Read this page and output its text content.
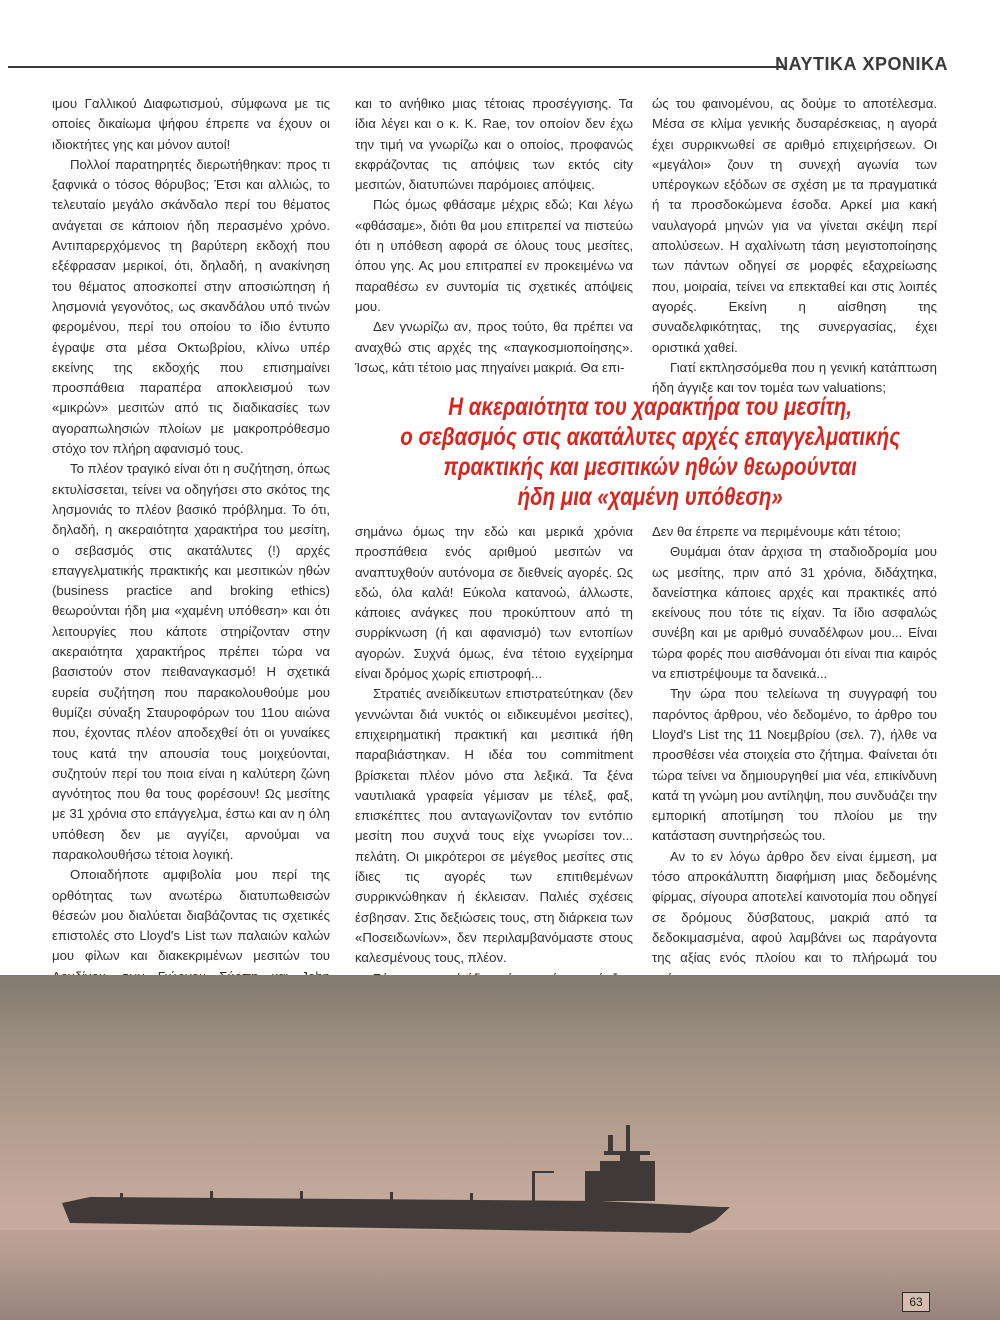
ΝΑΥΤΙΚΑ ΧΡΟΝΙΚΑ

ιμου Γαλλικού Διαφωτισμού, σύμφωνα με τις οποίες δικαίωμα ψήφου έπρεπε να έχουν οι ιδιοκτήτες γης και μόνον αυτοί!

Πολλοί παρατηρητές διερωτήθηκαν: προς τι ξαφνικά ο τόσος θόρυβος; Έτσι και αλλιώς, το τελευταίο μεγάλο σκάνδαλο περί του θέματος ανάγεται σε κάποιον ήδη περασμένο χρόνο. Αντιπαρερχόμενος τη βαρύτερη εκδοχή που εξέφρασαν μερικοί, ότι, δηλαδή, η ανακίνηση του θέματος αποσκοπεί στην αποσιώπηση ή λησμονιά γεγονότος, ως σκανδάλου υπό τινών φερομένου, περί του οποίου το ίδιο έντυπο έγραψε στα μέσα Οκτωβρίου, κλίνω υπέρ εκείνης της εκδοχής που επισημαίνει προσπάθεια παραπέρα αποκλεισμού των «μικρών» μεσιτών από τις διαδικασίες των αγοραπωλησιών πλοίων με μακροπρόθεσμο στόχο τον πλήρη αφανισμό τους.

Το πλέον τραγικό είναι ότι η συζήτηση, όπως εκτυλίσσεται, τείνει να οδηγήσει στο σκότος της λησμονιάς το πλέον βασικό πρόβλημα. Το ότι, δηλαδή, η ακεραιότητα χαρακτήρα του μεσίτη, ο σεβασμός στις ακατάλυτες (!) αρχές επαγγελματικής πρακτικής και μεσιτικών ηθών (business practice and broking ethics) θεωρούνται ήδη μια «χαμένη υπόθεση» και ότι λειτουργίες που κάποτε στηρίζονταν στην ακεραιότητα χαρακτήρος πρέπει τώρα να βασιστούν στον πειθαναγκασμό! Η σχετικά ευρεία συζήτηση που παρακολουθούμε μου θυμίζει σύναξη Σταυροφόρων του 11ου αιώνα που, έχοντας πλέον αποδεχθεί ότι οι γυναίκες τους κατά την απουσία τους μοιχεύονται, συζητούν περί του ποια είναι η καλύτερη ζώνη αγνότητος που θα τους φορέσουν! Ως μεσίτης με 31 χρόνια στο επάγγελμα, έστω και αν η όλη υπόθεση δεν με αγγίζει, αρνούμαι να παρακολουθήσω τέτοια λογική.

Οποιαδήποτε αμφιβολία μου περί της ορθότητας των ανωτέρω διατυπωθεισών θέσεών μου διαλύεται διαβάζοντας τις σχετικές επιστολές στο Lloyd's List των παλαιών καλών μου φίλων και διακεκριμένων μεσιτών του

και το ανήθικο μιας τέτοιας προσέγγισης. Τα ίδια λέγει και ο κ. K. Rae, τον οποίον δεν έχω την τιμή να γνωρίζω και ο οποίος, προφανώς εκφράζοντας τις απόψεις των εκτός city μεσιτών, διατυπώνει παρόμοιες απόψεις.

Πώς όμως φθάσαμε μέχρις εδώ; Και λέγω «φθάσαμε», διότι θα μου επιτρεπεί να πιστεύω ότι η υπόθεση αφορά σε όλους τους μεσίτες, όπου γης. Ας μου επιτραπεί εν προκειμένω να παραθέσω εν συντομία τις σχετικές απόψεις μου.

Δεν γνωρίζω αν, προς τούτο, θα πρέπει να αναχθώ στις αρχές της «παγκοσμιοποίησης». Ίσως, κάτι τέτοιο μας πηγαίνει μακριά. Θα επι-

ώς του φαινομένου, ας δούμε το αποτέλεσμα. Μέσα σε κλίμα γενικής δυσαρέσκειας, η αγορά έχει συρρικνωθεί σε αριθμό επιχειρήσεων. Οι «μεγάλοι» ζουν τη συνεχή αγωνία των υπέρογκων εξόδων σε σχέση με τα πραγματικά ή τα προσδοκώμενα έσοδα. Αρκεί μια κακή ναυλαγορά μηνών για να γίνεται σκέψη περί απολύσεων. Η αχαλίνωτη τάση μεγιστοποίησης των πάντων οδηγεί σε μορφές εξαχρείωσης που, μοιραία, τείνει να επεκταθεί και στις λοιπές αγορές. Εκείνη η αίσθηση της συναδελφικότητας, της συνεργασίας, έχει οριστικά χαθεί.

Γιατί εκπλησσόμεθα που η γενική κατάπτωση ήδη άγγιξε και τον τομέα των valuations;

Η ακεραιότητα του χαρακτήρα του μεσίτη,
ο σεβασμός στις ακατάλυτες αρχές επαγγελματικής
πρακτικής και μεσιτικών ηθών θεωρούνται
ήδη μια «χαμένη υπόθεση»

σημάνω όμως την εδώ και μερικά χρόνια προσπάθεια ενός αριθμού μεσιτών να αναπτυχθούν αυτόνομα σε διεθνείς αγορές. Ως εδώ, όλα καλά! Εύκολα κατανοώ, άλλωστε, κάποιες ανάγκες που προκύπτουν από τη συρρίκνωση (ή και αφανισμό) των εντοπίων αγορών. Συχνά όμως, ένα τέτοιο εγχείρημα είναι δρόμος χωρίς επιστροφή...

Στρατιές ανειδίκευτων επιστρατεύτηκαν (δεν γεννώνται διά νυκτός οι ειδικευμένοι μεσίτες), επιχειρηματική πρακτική και μεσιτικά ήθη παραβιάστηκαν. Η ιδέα του commitment βρίσκεται πλέον μόνο στα λεξικά. Τα ξένα ναυτιλιακά γραφεία γέμισαν με τέλεξ, φαξ, επισκέπτες που ανταγωνίζονταν τον εντόπιο μεσίτη που συχνά τους είχε γνωρίσει τον... πελάτη. Οι μικρότεροι σε μέγεθος μεσίτες στις ίδιες τις αγορές των επιτιθεμένων συρρικνώθηκαν ή έκλεισαν. Παλιές σχέσεις έσβησαν. Στις δεξιώσεις τους, στη διάρκεια των «Ποσειδωνίων», δεν περιλαμβανόμαστε στους καλεσμένους τους, πλέον.

Δεν θα έπρεπε να περιμένουμε κάτι τέτοιο;

Θυμάμαι όταν άρχισα τη σταδιοδρομία μου ως μεσίτης, πριν από 31 χρόνια, διδάχτηκα, δανείστηκα κάποιες αρχές και πρακτικές από εκείνους που τότε τις είχαν. Τα ίδιο ασφαλώς συνέβη και με αριθμό συναδέλφων μου... Είναι τώρα φορές που αισθάνομαι ότι είναι πια καιρός να επιστρέψουμε τα δανεικά...

Την ώρα που τελείωνα τη συγγραφή του παρόντος άρθρου, νέο δεδομένο, το άρθρο του Lloyd's List της 11 Νοεμβρίου (σελ. 7), ήλθε να προσθέσει νέα στοιχεία στο ζήτημα. Φαίνεται ότι τώρα τείνει να δημιουργηθεί μια νέα, επικίνδυνη κατά τη γνώμη μου αντίληψη, που συνδυάζει την εμπορική αποτίμηση του πλοίου με την κατάσταση συντηρήσεώς του.

Αν το εν λόγω άρθρο δεν είναι έμμεση, μα τόσο απροκάλυπτη διαφήμιση μιας δεδομένης φίρμας, σίγουρα αποτελεί καινοτομία που οδηγεί σε δρόμους δύσβατους, μακριά από τα δεδοκιμασμένα, αφού λαμβάνει ως παράγοντα της αξίας ενός πλοίου και το πλήρωμά του

63
